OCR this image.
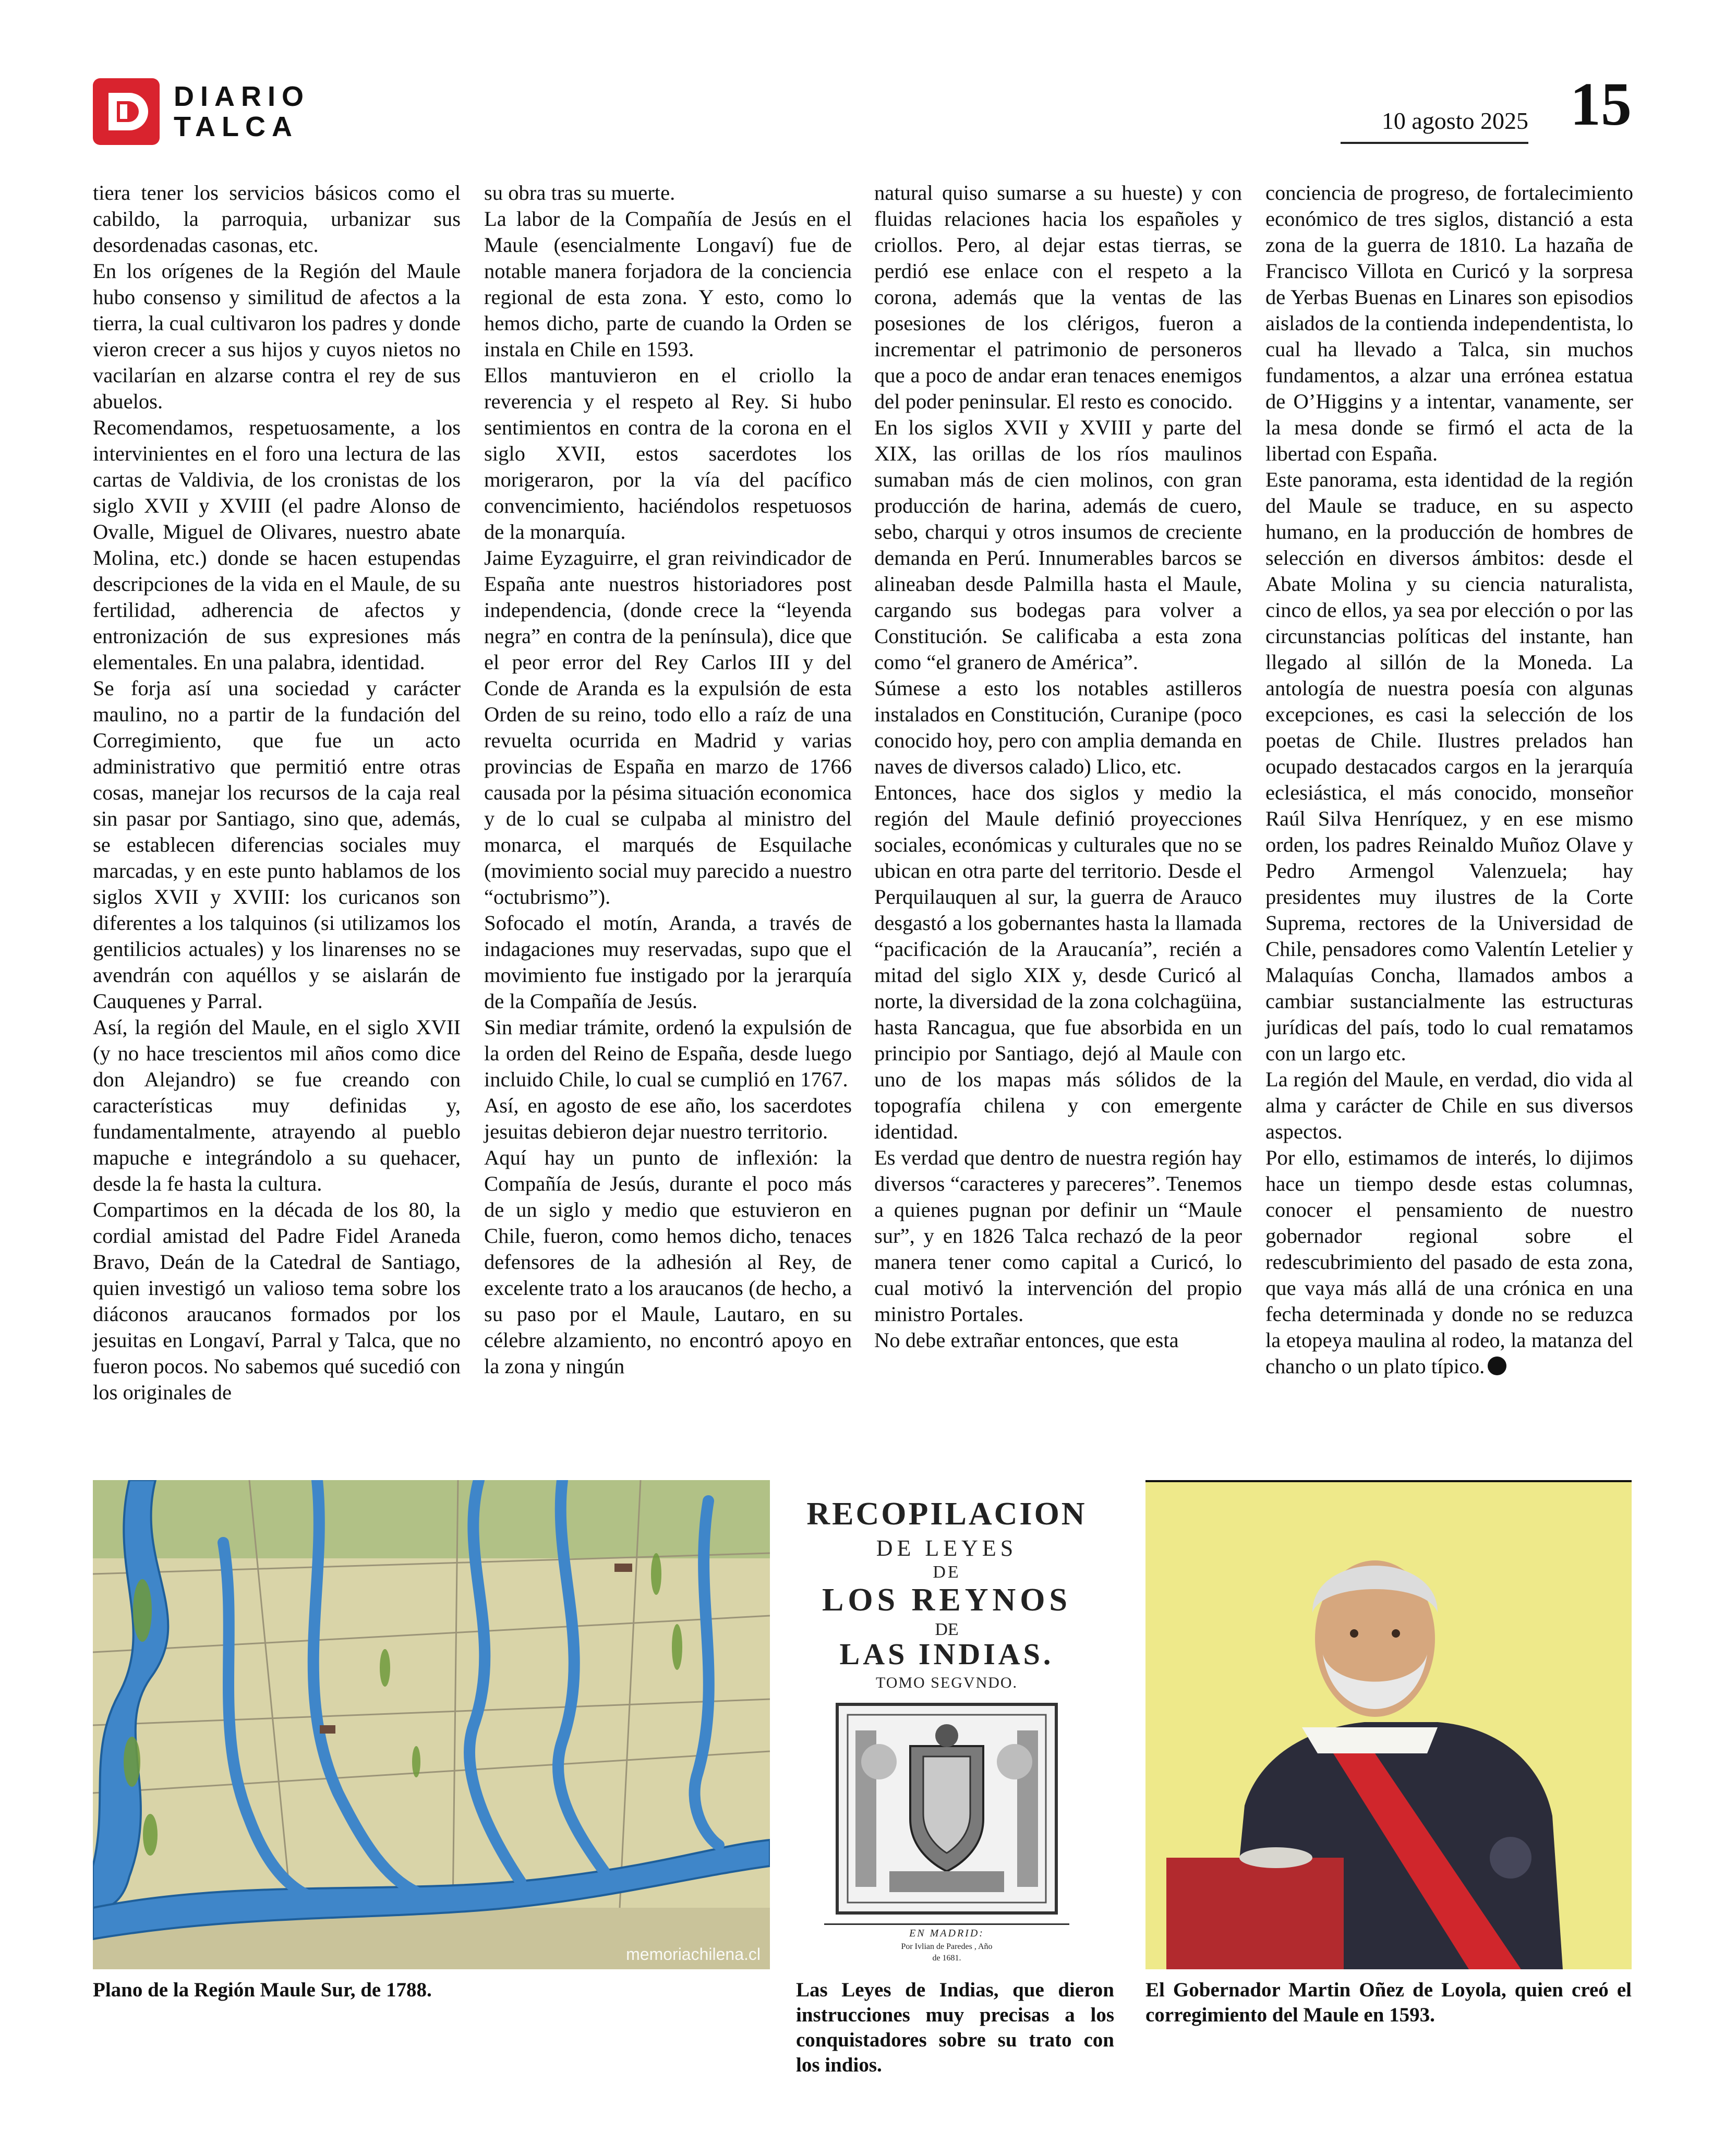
DIARIO
TALCA	10 agosto 2025 15

tiera tener los servicios básicos como el cabildo, la parroquia, urbanizar sus desordenadas casonas, etc.

En los orígenes de la Región del Maule hubo consenso y similitud de afectos a la tierra, la cual cultivaron los padres y donde vieron crecer a sus hijos y cuyos nietos no vacilarían en alzarse contra el rey de sus abuelos.

Recomendamos, respetuosamente, a los intervinientes en el foro una lectura de las cartas de Valdivia, de los cronistas de los siglo XVII y XVIII (el padre Alonso de Ovalle, Miguel de Olivares, nuestro abate Molina, etc.) donde se hacen estupendas descripciones de la vida en el Maule, de su fertilidad, adherencia de afectos y entronización de sus expresiones más elementales. En una palabra, identidad.

Se forja así una sociedad y carácter maulino, no a partir de la fundación del Corregimiento, que fue un acto administrativo que permitió entre otras cosas, manejar los recursos de la caja real sin pasar por Santiago, sino que, además, se establecen diferencias sociales muy marcadas, y en este punto hablamos de los siglos XVII y XVIII: los curicanos son diferentes a los talquinos (si utilizamos los gentilicios actuales) y los linarenses no se avendrán con aquéllos y se aislarán de Cauquenes y Parral.

Así, la región del Maule, en el siglo XVII (y no hace trescientos mil años como dice don Alejandro) se fue creando con características muy definidas y, fundamentalmente, atrayendo al pueblo mapuche e integrándolo a su quehacer, desde la fe hasta la cultura.

Compartimos en la década de los 80, la cordial amistad del Padre Fidel Araneda Bravo, Deán de la Catedral de Santiago, quien investigó un valioso tema sobre los diáconos araucanos formados por los jesuitas en Longaví, Parral y Talca, que no fueron pocos. No sabemos qué sucedió con los originales de

su obra tras su muerte.

La labor de la Compañía de Jesús en el Maule (esencialmente Longaví) fue de notable manera forjadora de la conciencia regional de esta zona. Y esto, como lo hemos dicho, parte de cuando la Orden se instala en Chile en 1593.

Ellos mantuvieron en el criollo la reverencia y el respeto al Rey. Si hubo sentimientos en contra de la corona en el siglo XVII, estos sacerdotes los morigeraron, por la vía del pacífico convencimiento, haciéndolos respetuosos de la monarquía.

Jaime Eyzaguirre, el gran reivindicador de España ante nuestros historiadores post independencia, (donde crece la “leyenda negra” en contra de la península), dice que el peor error del Rey Carlos III y del Conde de Aranda es la expulsión de esta Orden de su reino, todo ello a raíz de una revuelta ocurrida en Madrid y varias provincias de España en marzo de 1766 causada por la pésima situación economica y de lo cual se culpaba al ministro del monarca, el marqués de Esquilache (movimiento social muy parecido a nuestro “octubrismo”).

Sofocado el motín, Aranda, a través de indagaciones muy reservadas, supo que el movimiento fue instigado por la jerarquía de la Compañía de Jesús.

Sin mediar trámite, ordenó la expulsión de la orden del Reino de España, desde luego incluido Chile, lo cual se cumplió en 1767.

Así, en agosto de ese año, los sacerdotes jesuitas debieron dejar nuestro territorio.

Aquí hay un punto de inflexión: la Compañía de Jesús, durante el poco más de un siglo y medio que estuvieron en Chile, fueron, como hemos dicho, tenaces defensores de la adhesión al Rey, de excelente trato a los araucanos (de hecho, a su paso por el Maule, Lautaro, en su célebre alzamiento, no encontró apoyo en la zona y ningún

natural quiso sumarse a su hueste) y con fluidas relaciones hacia los españoles y criollos. Pero, al dejar estas tierras, se perdió ese enlace con el respeto a la corona, además que la ventas de las posesiones de los clérigos, fueron a incrementar el patrimonio de personeros que a poco de andar eran tenaces enemigos del poder peninsular. El resto es conocido.

En los siglos XVII y XVIII y parte del XIX, las orillas de los ríos maulinos sumaban más de cien molinos, con gran producción de harina, además de cuero, sebo, charqui y otros insumos de creciente demanda en Perú. Innumerables barcos se alineaban desde Palmilla hasta el Maule, cargando sus bodegas para volver a Constitución. Se calificaba a esta zona como “el granero de América”.

Súmese a esto los notables astilleros instalados en Constitución, Curanipe (poco conocido hoy, pero con amplia demanda en naves de diversos calado) Llico, etc.

Entonces, hace dos siglos y medio la región del Maule definió proyecciones sociales, económicas y culturales que no se ubican en otra parte del territorio. Desde el Perquilauquen al sur, la guerra de Arauco desgastó a los gobernantes hasta la llamada “pacificación de la Araucanía”, recién a mitad del siglo XIX y, desde Curicó al norte, la diversidad de la zona colchagüina, hasta Rancagua, que fue absorbida en un principio por Santiago, dejó al Maule con uno de los mapas más sólidos de la topografía chilena y con emergente identidad.

Es verdad que dentro de nuestra región hay diversos “caracteres y pareceres”. Tenemos a quienes pugnan por definir un “Maule sur”, y en 1826 Talca rechazó de la peor manera tener como capital a Curicó, lo cual motivó la intervención del propio ministro Portales.

No debe extrañar entonces, que esta

conciencia de progreso, de fortalecimiento económico de tres siglos, distanció a esta zona de la guerra de 1810. La hazaña de Francisco Villota en Curicó y la sorpresa de Yerbas Buenas en Linares son episodios aislados de la contienda independentista, lo cual ha llevado a Talca, sin muchos fundamentos, a alzar una errónea estatua de O’Higgins y a intentar, vanamente, ser la mesa donde se firmó el acta de la libertad con España.

Este panorama, esta identidad de la región del Maule se traduce, en su aspecto humano, en la producción de hombres de selección en diversos ámbitos: desde el Abate Molina y su ciencia naturalista, cinco de ellos, ya sea por elección o por las circunstancias políticas del instante, han llegado al sillón de la Moneda. La antología de nuestra poesía con algunas excepciones, es casi la selección de los poetas de Chile. Ilustres prelados han ocupado destacados cargos en la jerarquía eclesiástica, el más conocido, monseñor Raúl Silva Henríquez, y en ese mismo orden, los padres Reinaldo Muñoz Olave y Pedro Armengol Valenzuela; hay presidentes muy ilustres de la Corte Suprema, rectores de la Universidad de Chile, pensadores como Valentín Letelier y Malaquías Concha, llamados ambos a cambiar sustancialmente las estructuras jurídicas del país, todo lo cual rematamos con un largo etc.

La región del Maule, en verdad, dio vida al alma y carácter de Chile en sus diversos aspectos.

Por ello, estimamos de interés, lo dijimos hace un tiempo desde estas columnas, conocer el pensamiento de nuestro gobernador regional sobre el redescubrimiento del pasado de esta zona, que vaya más allá de una crónica en una fecha determinada y donde no se reduzca la etopeya maulina al rodeo, la matanza del chancho o un plato típico.

memoriachilena.cl
RECOPILACION
DE LEYES
DE
LOS REYNOS
DE
LAS INDIAS.
TOMO SEGVNDO.
EN MADRID:
Por Ivlian de Paredes , Año
de 1681.
Plano de la Región Maule Sur, de 1788.	Las Leyes de Indias, que dieron instrucciones muy precisas a los conquistadores sobre su trato con los indios.
El Gobernador Martin Oñez de Loyola, quien creó el corregimiento del Maule en 1593.
